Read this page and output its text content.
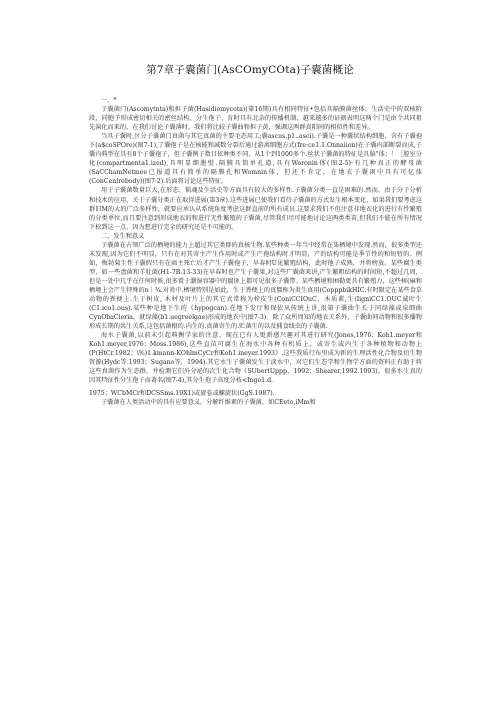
第7章子囊菌门(AsCOmyCOta)子囊菌概论

一、*

子囊菌门(Ascomytnta)和担子菌(Hasidiomycota)(第16期)具有相同特征•包括具隔膜菌丝体、生活史中的双核阶段，同胞予形成密切相关的密丝结构、分生孢子、育时具有北杂的传播机制，越来越多的证据表明这两个门是由个共同祖先演化而来的，在我们讨论子囊薄时，我们将比较子囊曲和担子黄，强调这两群真阳间的相似性和差异。

当具子囊时,区分子囊菌门真菌与其它真菌的主要毛态用工;囊ascus.p1..asci).子囊是一种囊状结构细胞，含有子囊孢下(a$coSPOre)(图7-1),了囊孢子是在核能和减数分裂后通过游离细胞方式(fre·ce1.1.Onnaiion)在子囊内部断裂而成,子囊内典型在具有8个子囊孢子，但子囊例子数目依种类不同，从1个到1000多个.丝状子囊菌的特征是具脑"体；！［腔室分化(compartmenta1.ized),具明显细胞壁.隔膜具简单孔道,具有Woronin体(图2-5)·有几种真正的酵母菌(SaCChamNetmee已报道具有简单的隔膜孔和Womnin体，但还不肯定，在地衣子囊闲中具有可亿体(ConCenlrebody)(图7·2).后面将讨论这些特征。

用于子囊菌数量巨大,在形态、韬魂及生活史等方面具有较大的多样性.子囊菌分类一直是困难的.然而，由于分子分析和技术的应用，关于子囊分类正在取得进展(第3章).这些进展已使我们看待子囊菌的方式发生根本变化，如果我们要考虑这群旧M的大的广泛多样性，就要应承认从系统角度考虑这群直前的所有成员.这要求我们不但注意非地衣化的进行有性繁殖的分类单位,而且要注意到形成地衣的和进行无性繁殖的子囊菌,尽管我们尽可能地讨论这两类类苗,但我们不能在所有情况下松到这一点，因为想进行完全的研究还是不可能的。

二、发生和意义

子囊菌在占领广泛的栖境的能力上超过其它类群的真核生物.某些种类一年当中经常在柒栖境中发现.然而，很多类型还未发现,因为它们不明显，只有在对其寄主产生作用时或产生产孢结构时才明显，产的结构可能是季节性的和短暂的。例如，梅勃菊生性子囊假只有在商主死亡后才产生子囊孢子，早春时U见繁殖结构，此时他子成熟，并将榜放。某些腐生类型，如一些盘菌和羊肚菌(H1-7B.13-33)在早春时也产生子囊果,对这些广囊菌来讲,产生繁粗结构的时间短,不超过几周，但是一处中几乎在任何时候,很多置于潮湿容器中的腐匪上都可见很多子囊带。某些栖境和困勒更具有繁殖力，这些树(麻和栖境上会产生特殊的n｜¾.对炎中.栖境特别是如此，生于粪便上的真僵称为炎生真用(CopppbikHIC.有时限定在某些食草动物的粪便上.生于树皮, 木材及叶片上的其它式常称为栓皮生(ConiCCIOuC、木质素,生(IigniCC1.OUC诚叶生(C1.ico1.ous).某些种是地下生的《hypogcan).在地下发厅和保依从传统上讲,很第子囊曲生长于同绿藻或泉细曲CynObaCieria，就绿藻(b1.uegreelgae)形成的地衣中(图7-3)．除了众所周知的地衣关系外，子囊曲同动物和很多播物形成长期的共生关系,这包括菌根的.内生的.真菌寄生的.贮菌生的以及捕食线虫的子囊菌.

海水子囊菌,以前未引起典衡学家的注意，现在已有人更新感兴趣对其进行研究(Jones,1976；Koh1.meyer和Koh1.meyer,1976；Moss.1986),这些直苗可腐生在海水中各种有机质上，或寄生或内生于各种植物和动物上(P(HtCr.1982；\%)1.kmann-KOhlmCyCr和Koh1.ineyer.1993》.这些我质行布里成为新的生理活性化合物及衍生物资源(Hydc等.1993；Sugano等，1994).其它水生子囊菌发生于淡水中，对它们生态学和生物学方面的资料正有助于将这些真菌作为生态群，并检测它们外分泌的次生化合物《SUbertUppp，1992；Shearer,1992.1993)。很多水生真的因其特征性分生孢子而著名(图7-4),其分生孢子高度分枝<Ingo1.d.

1975；WCbMCr和DCSSms.19X1)或旋卷或螺旋状(GgS.1987).

子囊菌在人类活动中的具有应要意义，分解纤维素的子囊菌，如CEeto,iMm和
